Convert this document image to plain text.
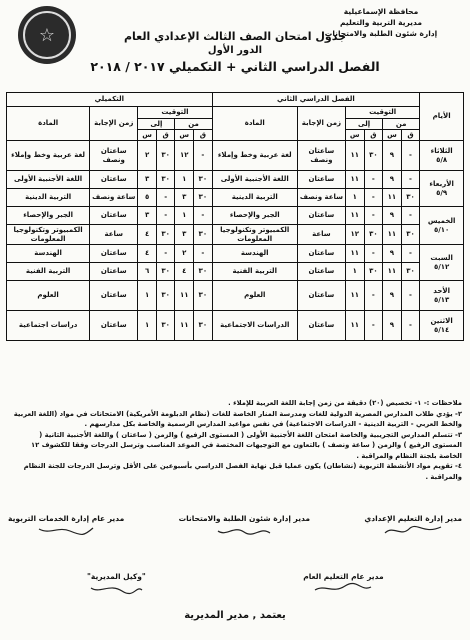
محافظة الإسماعيلية
مديرية التربية والتعليم
إدارة شئون الطلبة والامتحانات
☆	جدول امتحان الصف الثالث الإعدادي العام
الدور الأول
الفصل الدراسي الثاني + التكميلي ٢٠١٧ / ٢٠١٨
الأيام	الفصل الدراسي الثاني						التكميلي					
	التوقيت				زمن الإجابة	المادة	التوقيت				زمن الإجابة	المادة
	من		إلى				من		إلى			
	ق	س	ق	س			ق	س	ق	س		

الثلاثاء
٥/٨	-	٩	٣٠	١١	ساعتان ونصف	لغة عربية وخط وإملاء	-	١٢	٣٠	٢	ساعتان ونصف	لغة عربية وخط وإملاء

الأربعاء
٥/٩	-	٩	-	١١	ساعتان	اللغة الأجنبية الأولى	٣٠	١	٣٠	٣	ساعتان	اللغة الأجنبية الأولى
	٣٠	١١	-	١	ساعة ونصف	التربية الدينية	٣٠	٣	-	٥	ساعة ونصف	التربية الدينية

الخميس
٥/١٠	-	٩	-	١١	ساعتان	الجبر والإحصاء	-	١	-	٣	ساعتان	الجبر والإحصاء
	٣٠	١١	٣٠	١٢	ساعة	الكمبيوتر وتكنولوجيا المعلومات	٣٠	٣	٣٠	٤	ساعة	الكمبيوتر وتكنولوجيا المعلومات

السبت
٥/١٢	-	٩	-	١١	ساعتان	الهندسة	-	٢	-	٤	ساعتان	الهندسة
	٣٠	١١	٣٠	١	ساعتان	التربية الفنية	٣٠	٤	٣٠	٦	ساعتان	التربية الفنية

الأحد
٥/١٣	-	٩	-	١١	ساعتان	العلوم	٣٠	١١	٣٠	١	ساعتان	العلوم

الاثنين
٥/١٤	-	٩	-	١١	ساعتان	الدراسات الاجتماعية	٣٠	١١	٣٠	١	ساعتان	دراسات اجتماعية

ملاحظات :- ١- تخصيص (٢٠) دقيقة من زمن إجابة اللغة العربية للإملاء .

٢- يؤدي طلاب المدارس المصرية الدولية للغات ومدرسة المنار الخاصة للغات (نظام الدبلومة الأمريكية) الامتحانات في مواد (اللغة العربية والخط العربي - التربية الدينية - الدراسات الاجتماعية) في نفس مواعيد المدارس الرسمية والخاصة بكل مدارسهم .

٣- تتسلم المدارس التجريبية والخاصة امتحان اللغة الأجنبية الأولى ( المستوى الرفيع ) والزمن ( ساعتان ) واللغة الأجنبية الثانية ( المستوى الرفيع ) والزمن ( ساعة ونصف ) بالتعاون مع التوجيهات المختصة في الموعد المناسب وترسل الدرجات وفقا للكشوف ١٢ الخاصة بلجنة النظام والمراقبة .

٤- تقويم مواد الأنشطة التربوية (نشاطان) يكون عمليا قبل نهاية الفصل الدراسي بأسبوعين على الأقل وترسل الدرجات للجنة النظام والمراقبة .

مدير إدارة التعليم الإعدادي
مدير إدارة شئون الطلبة والامتحانات
مدير عام إدارة الخدمات التربوية
مدير عام التعليم العام
"وكيل المديرية"
يعتمد , مدير المديرية
